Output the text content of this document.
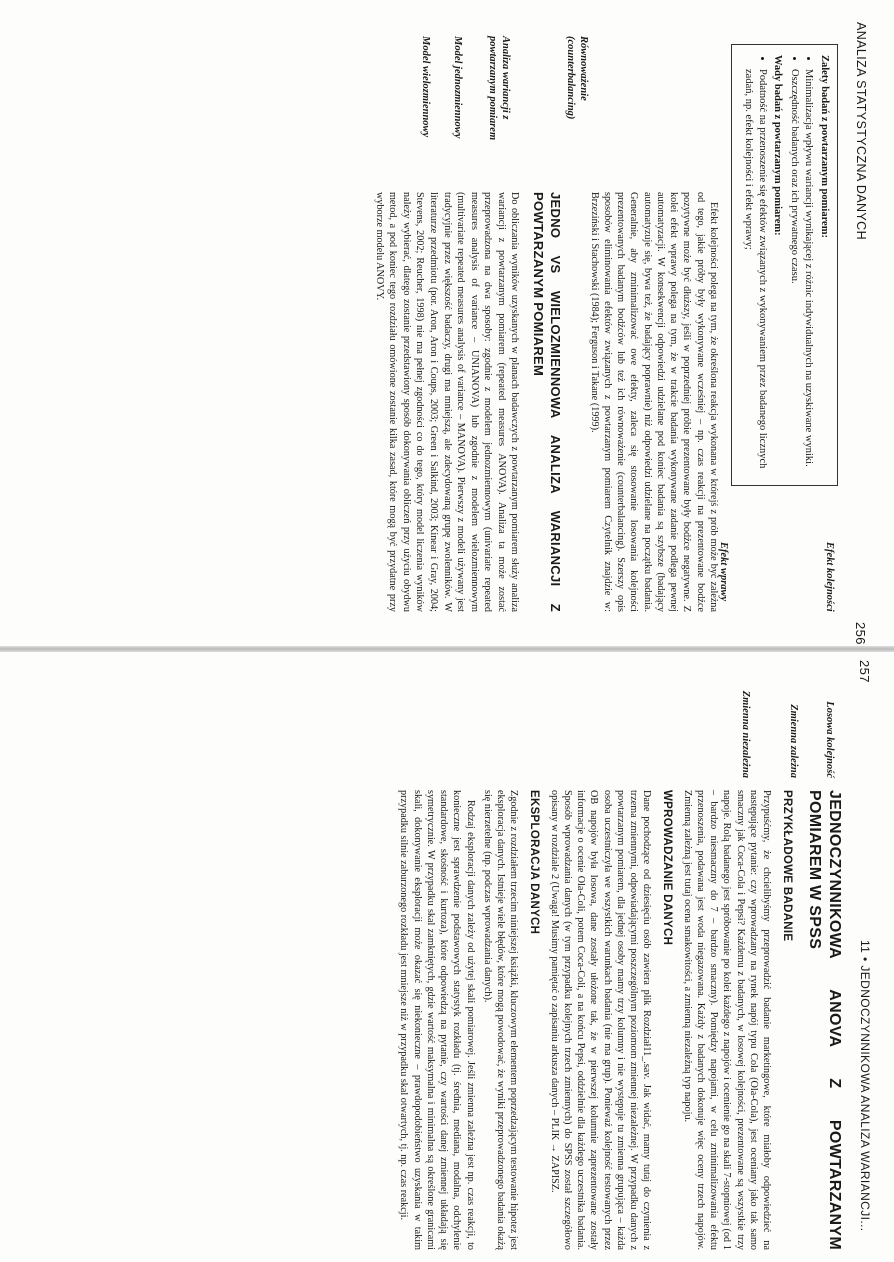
ANALIZA STATYSTYCZNA DANYCH
256

Zalety badań z powtarzanym pomiarem:

• Minimalizacja wpływu wariancji wynikającej z różnic indywidualnych na uzyskiwane wyniki.
• Oszczędność badanych oraz ich prywatnego czasu.

Wady badań z powtarzanym pomiarem:

• Podatność na przenoszenie się efektów związanych z wykonywaniem przez badanego licznych zadań, np. efekt kolejności i efekt wprawy;
Efekt kolejności
Efekt wprawy

Efekt kolejności polega na tym, że określona reakcja wykonana w którejś z prób może być zależna od tego, jakie próby były wykonywane wcześniej – np. czas reakcji na prezentowane bodźce pozytywne może być dłuższy, jeśli w poprzedniej próbie prezentowane były bodźce negatywne. Z kolei efekt wprawy polega na tym, że w trakcie badania wykonywane zadanie podlega pewnej automatyzacji. W konsekwencji odpowiedzi udzielane pod koniec badania są szybsze (badający automatyzuje się, bywa też, że badający poprawnie) niż odpowiedzi udzielane na początku badania. Generalnie, aby zminimalizować owe efekty, zaleca się stosowanie losowania kolejności prezentowanych badanym bodźców lub też ich równoważenie (counterbalancing). Szerszy opis sposobów eliminowania efektów związanych z powtarzanym pomiarem Czytelnik znajdzie w: Brzeziński i Stachowski (1984); Ferguson i Takane (1999).

Równoważenie (counterbalancing)
JEDNO VS WIELOZMIENNOWA ANALIZA WARIANCJI Z POWTARZANYM POMIAREM

Do obliczania wyników uzyskanych w planach badawczych z powtarzanym pomiarem służy analiza wariancji z powtarzanym pomiarem (repeated measures ANOVA). Analiza ta może zostać przeprowadzona na dwa sposoby: zgodnie z modelem jednozmiennowym (univariate repeated measures analysis of variance – UNIANOVA) lub zgodnie z modelem wielozmiennowym (multivariate repeated measures analysis of variance – MANOVA). Pierwszy z modeli używany jest tradycyjnie przez większość badaczy, drugi ma mniejszą, ale zdecydowaną grupę zwolenników. W literaturze przedmiotu (por. Aron, Aron i Coups, 2003; Green i Salkind, 2003; Kinear i Gray, 2004; Stevens, 2002; Reucher, 1998) nie ma pełnej zgodności co do tego, który model liczenia wyników należy wybierać, dlatego zostanie przedstawiony sposób dokonywania obliczeń przy użyciu obydwu metod, a pod koniec tego rozdziału omówione zostanie kilka zasad, które mogą być przydatne przy wyborze modelu ANOVY.

Analiza wariancji z powtarzanym pomiarem
Model jednozmiennowy
Model wielozmiennowy
257
11 • JEDNOCZYNNIKOWA ANALIZA WARIANCJI...
Losowa kolejność
Zmienna zależna
Zmienna niezależna
JEDNOCZYNNIKOWA ANOVA Z POWTARZANYM POMIAREM W SPSS
PRZYKŁADOWE BADANIE

Przypuśćmy, że chcielibyśmy przeprowadzić badanie marketingowe, które miałoby odpowiedzieć na następujące pytanie: czy wprowadzany na rynek napój typu Cola (Ola-Cola), jest oceniany jako tak samo smaczny jak Coca-Cola i Pepsi? Każdemu z badanych, w losowej kolejności, prezentowane są wszystkie trzy napoje. Rolą badanego jest spróbowanie po kolei każdego z napojów i ocenienie go na skali 7-stopniowej (od 1 – bardzo niesmaczny do 7 – bardzo smaczny). Pomiędzy napojami, w celu zminimalizowania efektu przenoszenia, podawana jest woda niegazowana. Każdy z badanych dokonuje więc oceny trzech napojów. Zmienną zależną jest tutaj ocena smakowitości, a zmienną niezależną typ napoju.

WPROWADZANIE DANYCH

Dane pochodzące od dziesięciu osób zawiera plik Rozdział11_.sav. Jak widać, mamy tutaj do czynienia z trzema zmiennymi, odpowiadającymi poszczególnym poziomom zmiennej niezależnej. W przypadku danych z powtarzanym pomiarem, dla jednej osoby mamy trzy kolumny i nie występuje tu zmienna grupująca – każda osoba uczestniczyła we wszystkich warunkach badania (nie ma grup). Ponieważ kolejność testowanych przez OB napojów była losowa, dane zostały ułożone tak, że w pierwszej kolumnie zaprezentowane zostały informacje o ocenie Ola-Coli, potem Coca-Coli, a na końcu Pepsi, oddzielnie dla każdego uczestnika badania. Sposób wprowadzania danych (w tym przypadku kolejnych trzech zmiennych) do SPSS został szczegółowo opisany w rozdziale 2 (Uwaga! Musimy pamiętać o zapisaniu arkusza danych – PLIK → ZAPISZ.

EKSPLORACJA DANYCH

Zgodnie z rozdziałem trzecim niniejszej książki, kluczowym elementem poprzedzającym testowanie hipotez jest eksploracja danych. Istnieje wiele błędów, które mogą powodować, że wyniki przeprowadzonego badania okażą się nierzetelne (np. podczas wprowadzania danych).

Rodzaj eksploracji danych zależy od użytej skali pomiarowej. Jeśli zmienna zależna jest np. czas reakcji, to konieczne jest sprawdzenie podstawowych statystyk rozkładu (tj. średnia, mediana, modalna, odchylenie standardowe, skośność i kurtoza), które odpowiedzą na pytanie, czy wartości danej zmiennej układają się symetrycznie. W przypadku skal zamkniętych, gdzie wartość maksymalna i minimalna są określone granicami skali, dokonywanie eksploracji może okazać się niekonieczne – prawdopodobieństwo uzyskania w takim przypadku silnie zaburzonego rozkładu jest mniejsze niż w przypadku skal otwartych, tj. np. czas reakcji.
